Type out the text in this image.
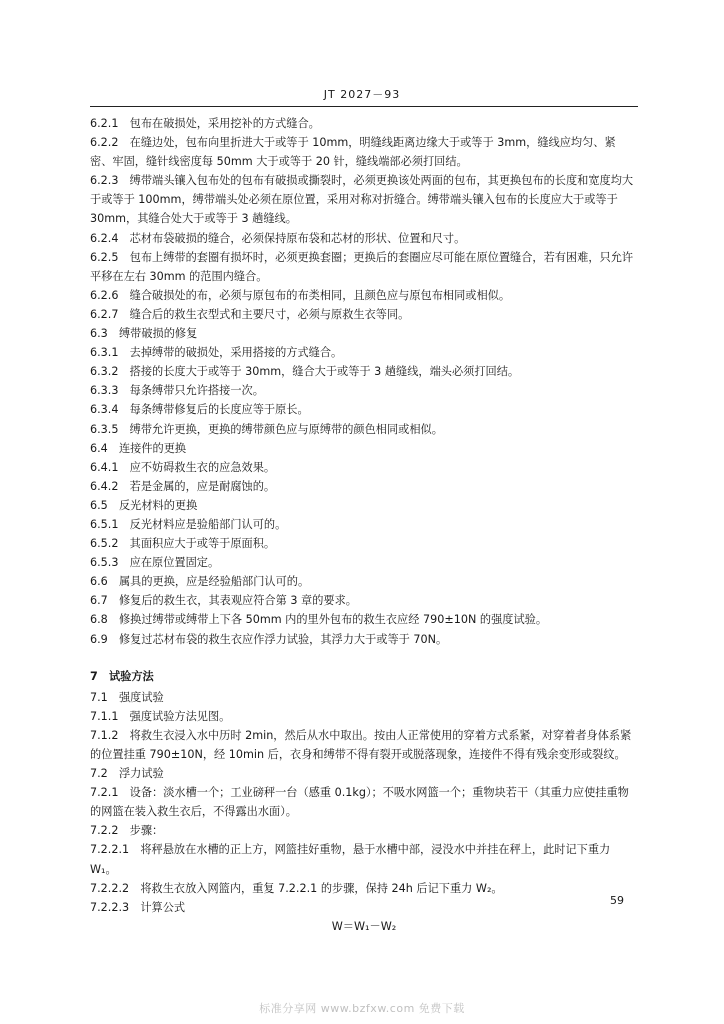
JT 2027－93

6.2.1　包布在破损处，采用挖补的方式缝合。

6.2.2　在缝边处，包布向里折进大于或等于 10mm，明缝线距离边缘大于或等于 3mm，缝线应均匀、紧密、牢固，缝针线密度每 50mm 大于或等于 20 针，缝线端部必须打回结。

6.2.3　缚带端头镶入包布处的包布有破损或撕裂时，必须更换该处两面的包布，其更换包布的长度和宽度均大于或等于 100mm，缚带端头处必须在原位置，采用对称对折缝合。缚带端头镶入包布的长度应大于或等于 30mm，其缝合处大于或等于 3 趟缝线。

6.2.4　芯材布袋破损的缝合，必须保持原布袋和芯材的形状、位置和尺寸。

6.2.5　包布上缚带的套圈有损坏时，必须更换套圈；更换后的套圈应尽可能在原位置缝合，若有困难，只允许平移在左右 30mm 的范围内缝合。

6.2.6　缝合破损处的布，必须与原包布的布类相同，且颜色应与原包布相同或相似。

6.2.7　缝合后的救生衣型式和主要尺寸，必须与原救生衣等同。

6.3　缚带破损的修复

6.3.1　去掉缚带的破损处，采用搭接的方式缝合。

6.3.2　搭接的长度大于或等于 30mm，缝合大于或等于 3 趟缝线，端头必须打回结。

6.3.3　每条缚带只允许搭接一次。

6.3.4　每条缚带修复后的长度应等于原长。

6.3.5　缚带允许更换，更换的缚带颜色应与原缚带的颜色相同或相似。

6.4　连接件的更换

6.4.1　应不妨碍救生衣的应急效果。

6.4.2　若是金属的，应是耐腐蚀的。

6.5　反光材料的更换

6.5.1　反光材料应是验船部门认可的。

6.5.2　其面积应大于或等于原面积。

6.5.3　应在原位置固定。

6.6　属具的更换，应是经验船部门认可的。

6.7　修复后的救生衣，其表观应符合第 3 章的要求。

6.8　修换过缚带或缚带上下各 50mm 内的里外包布的救生衣应经 790±10N 的强度试验。

6.9　修复过芯材布袋的救生衣应作浮力试验，其浮力大于或等于 70N。

7　试验方法

7.1　强度试验

7.1.1　强度试验方法见图。

7.1.2　将救生衣浸入水中历时 2min，然后从水中取出。按由人正常使用的穿着方式系紧，对穿着者身体系紧的位置挂重 790±10N，经 10min 后，衣身和缚带不得有裂开或脱落现象，连接件不得有残余变形或裂纹。

7.2　浮力试验

7.2.1　设备：淡水槽一个；工业磅秤一台（感重 0.1kg）；不吸水网篮一个；重物块若干（其重力应使挂重物的网篮在装入救生衣后，不得露出水面）。

7.2.2　步骤：

7.2.2.1　将秤悬放在水槽的正上方，网篮挂好重物，悬于水槽中部，浸没水中并挂在秤上，此时记下重力 W₁。

7.2.2.2　将救生衣放入网篮内，重复 7.2.2.1 的步骤，保持 24h 后记下重力 W₂。

7.2.2.3　计算公式

W＝W₁－W₂

59
标准分享网 www.bzfxw.com 免费下载
